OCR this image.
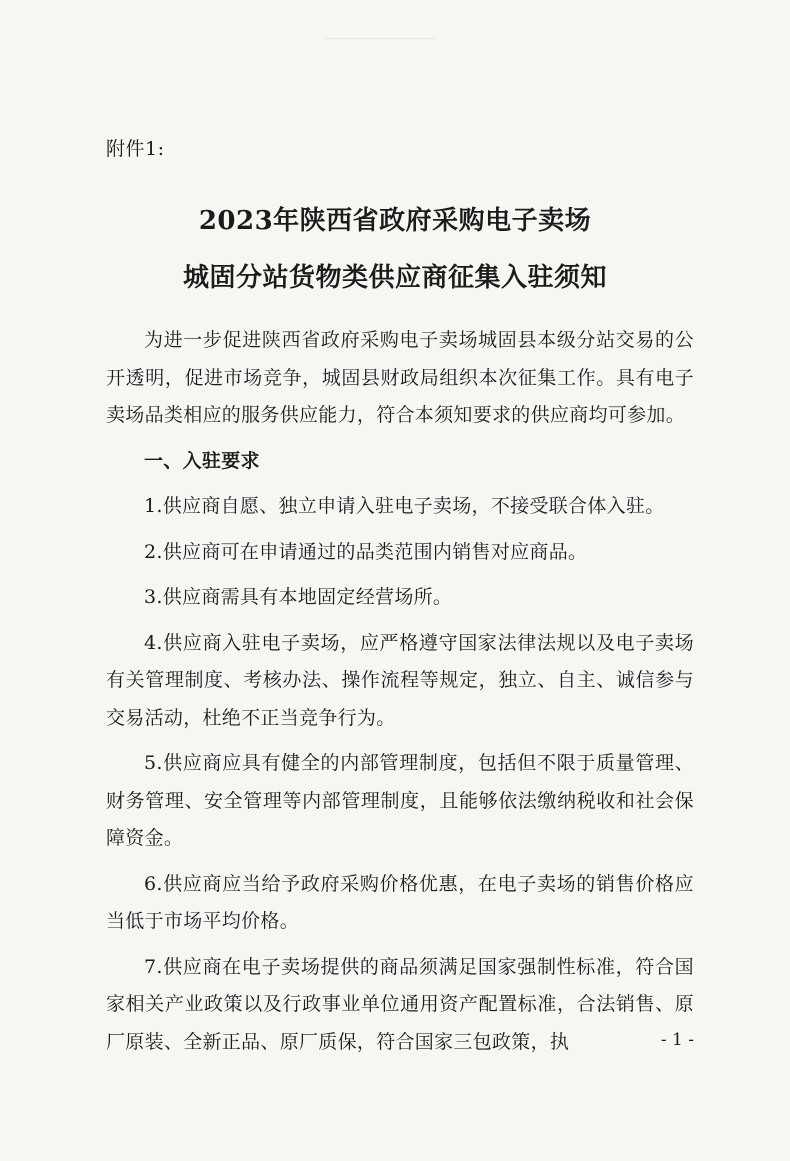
附件1:
2023年陕西省政府采购电子卖场
城固分站货物类供应商征集入驻须知

为进一步促进陕西省政府采购电子卖场城固县本级分站交易的公开透明，促进市场竞争，城固县财政局组织本次征集工作。具有电子卖场品类相应的服务供应能力，符合本须知要求的供应商均可参加。

一、入驻要求

1.供应商自愿、独立申请入驻电子卖场，不接受联合体入驻。

2.供应商可在申请通过的品类范围内销售对应商品。

3.供应商需具有本地固定经营场所。

4.供应商入驻电子卖场，应严格遵守国家法律法规以及电子卖场有关管理制度、考核办法、操作流程等规定，独立、自主、诚信参与交易活动，杜绝不正当竞争行为。

5.供应商应具有健全的内部管理制度，包括但不限于质量管理、财务管理、安全管理等内部管理制度，且能够依法缴纳税收和社会保障资金。

6.供应商应当给予政府采购价格优惠，在电子卖场的销售价格应当低于市场平均价格。

7.供应商在电子卖场提供的商品须满足国家强制性标准，符合国家相关产业政策以及行政事业单位通用资产配置标准，合法销售、原厂原装、全新正品、原厂质保，符合国家三包政策，执	- 1 -
